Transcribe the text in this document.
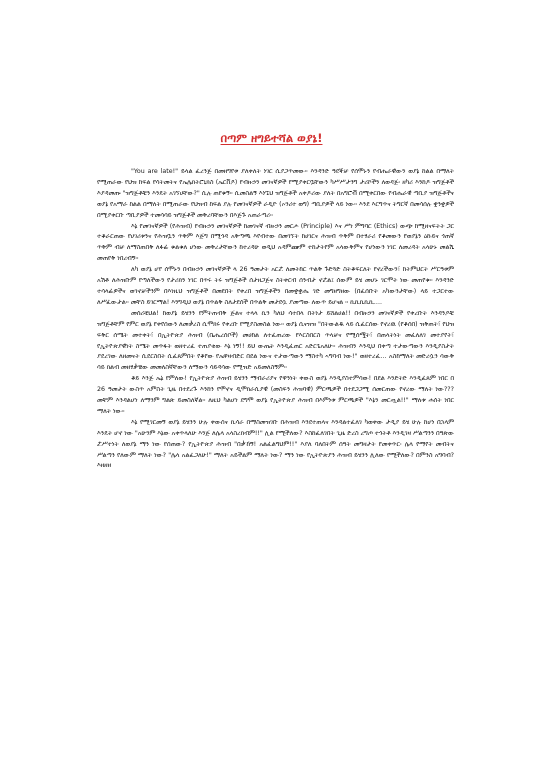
በጣም ዘግይተሻል ወያኔ!

"You are late!" ይላል ፈረንጅ በመዘግየቱ ያለቀለት ነገር ሲያጋጥመው፡፡ እንዳንድ ዓደኞቻ የሰሞኑን የብሔራዊውን ወያኔ ከልል በማለት የሚጠራው የህዝ ከፍል የሳትመትና የኤሌክትሮኒክስ (ኤርቨዶ) የብዙኃን መገናኛዎች የሚያቀርቧቸውን ካሥሥታንግ ታሪኮችን ለወዳጅ፡ ዘካሪ እንከዶ ዝግጅቶች እያዳመጡ "ዝግጅቶቹን እንዴት አገኘሀቸው?" ሲሉ ጠየቁኝ፡፡ ሲመስልኝ እነኚህ ዝግጅቶች አቀዶሪው ያለት በአግሮቭ በሚቀርበው የብሔራዊ ጣቢያ ዝግጅቶችና ወያኔ የአማራ ከልል በማለት በሚጠራው የህዝብ ከፍል ያሉ የመገናኛዎች ራዲዮ (ኦንሪተ ወግ) ጣቢያዎች ላይ ነው፡፡ እንደ እርግጥና ትግርኛ በመሳሰሉ ቋንቋዎች በሚያቀርቡ ጣቢያዎች ተመሳሳይ ዝግጅቶች መቅረባቸውን በእጅጉ አጠራጣሪ፡፡

እኔ የመገናኛዎች (የሕዝብ) የብዙኃን መገናኛዎች ከመገናኛ ብዙኃን መርሖ (Principle) እና ሥነ ምግባር (Ethics) ውጭ ከሚዘናፍትት ጋር ተቆራርጠው የሀገሪቱንና የሕዝቧን ጥቅም እጅግ በሚጎዳ አቅጣጫ እየብተው በመገኘት ከሀገርና ሕዝብ ጥቅም በተፃራሪ የቆመውን የወያኔን ዕኩይና ጎጠኛ ጥቅም ብቻ ለማስጠበቅ ለፋፊ ቁልቁለ ሆነው መቅረታቸውን ከተረዳሁ ወዲህ አዳምጬም ተከታትየም አላውቅምና የሆነውን ነገር ለመረዳት አላሁኑ መልሼ መጠየቅ ነበረብኝ፡፡

ለካ ወያኔ ሆየ ሰሞኑን በብዙኃን መገናኛዎች ላ 26 ዓመታት አርሯ ለመትከር ጥልቅ ጉድጓድ ስትቆፍርለት የኖረችውን፣ ከትምህርት ሥርዓቱም አሽቶ ለሕዝቡም የጣለችውን የታሪክን ነገር በጥሩ ትሩ ዝግጅቶች ሰታዘጋጅና ስትቀርብ ሰንብታ ኖሯል፤ ሰውም ይሄ መሆኑ ገርሞት ነው መጠየቁ፡፡ እንዳንድ ተሳላፊዎችና ወገኖቻችንም በእነዚህ ዝግጅቶች በመደበት የቀረበ ዝግጅቶችን በመቋቋሔ ገድ መግዘግዘው (በፈሰቡት አካውንታቸው) ላይ ተጋርተው ለሥፈውታል፡፡ መቸስ ይገርማል! እንግዲህ ወያኔ በጥልቅ ስለታደሰች በጥልቅ መታደሷ ያመጣው ለውጥ ይሆናል ፡፡ ኪኪኪኪኪ….

መሰሪቺህል! ከወያኔ ይሄንን የምትጠብቅ ጅልና ተላላ ኪን ካለህ ሳተበላ በትነታ ይሸልሀል!! በብዙኃን መገናኛዎች የቀረቡት እንዳንዶቹ ዝግጅቶቸም የምር ወያኔ የቀየሰውን ለመቃረስ ሲሞክሩ የቀረቡ የሚያስመስል ነው፡፡ ወያኔ ሲናዝዝ "በትውልዱ ላይ ሲፈርሰው የኖረዉ (የቆሰበ) ዝቅጠት፣ የህዝ ፍቅር ሰሜት መተቀት፣ በኢትዮጵያ ሕዝብ (ቤሔረሰቦች) መሀከል ለተፈጠረው የእርስበርስ ጥላቻና የሚሰሟት፣ በጠላትነት መፈለለገ መተያየት፣ የኢትዮጵያዊነት ስሜት መጥፋት ወዘተረፈ ተጠያቂው እኔ ነኝ!! ይህ ውጤት እንዲፈጠር አድርጌአለሁ፡፡ ሕዝብን እንዲህ በቀጣ ተታውጣውን እንዲያስታት ያደረገው ለዘመናት ሲደርስበት ሲፈጸምበት የቆየው የኤዋዛብድር በደል ነውና ተታውጣውን ማስተካ ኣግባብ ነው!" ወዘተረፈ… አስከማለት መድረሷን ሳውቅ ሳይ ክልብ መዘፃቃቼው መመለስኛቸውን ለማውን ሳይዳሳው የሚዝድ አይመለስኝም፡፡

ቆይ እንጅ ኤኔ የምለው! የኢትዮጵያ ሕዝብ ይሄንን ማብራሪያና የዋንነት ቀውስ ወያኔ እንዲያስተምሳው! በደል እንድትድ እንዲፈጸም ነበር በ 26 ዓመታት ውስጥ አምስት ጊዜ በተደረጉ እንከን የሞኖና ዲሞክራሲያዊ (መስፍን ሕዝባዊ) ምርጫዎች በተደጋጋሚ ሰመርጠው የኖረው ማለት ነው??? መቸም እንዳልሆነ ለማንም ግልጽ ይመስለኛል፡፡ ለዚህ ካልሆነ ደግሞ ወያኔ የኢትዮጵያ ሕዝብ በእምነቱ ምርጫዎች "እኔን መርጧል!!" ማለቱ ሐሰት ነበር ማለት ነው፡፡

እኔ የሚገርመኝ ወያኔ ይሄንን ሁሉ ቀውሰና ኪሳራ በማስመዝገቡ በሕዝብ እንደተጠላና እንዳልተፈለገ ካወቀው ታዲያ ይሄ ሁሉ ከሆነ በኋላም እንዴት ሆኖ ነው "አሁንም እኔው አቀጥላለሁ እንጅ ለሌላ አላስረክብም!!" ሊል የሚችለው? እስከፈለገበት ጊዜ ድረስ ረግጦ ተጎትቶ እንዲገዛ ሥልጣንን በዓጽው ሯሥተነት ለወያኔ ማን ነው የሰጠው? የኢትዮጵያ ሕዝብ "በቃኸኝ! አልፈልግህም!!" እያለ ባለበትም ሰዓት መግዛታት የመቀጥር፡ ሌላ የማየት መብትና ሥልጣን የለውም ማለት ነው? "ሌላ አልፈጋለሁ!" ማለት አይችልም ማለት ነው? ማን ነው የኢትዮጵያን ሕዝብ ይሄንን ሊለው የሚችለው? በምንስ አግባብ? እዘዘዘ
